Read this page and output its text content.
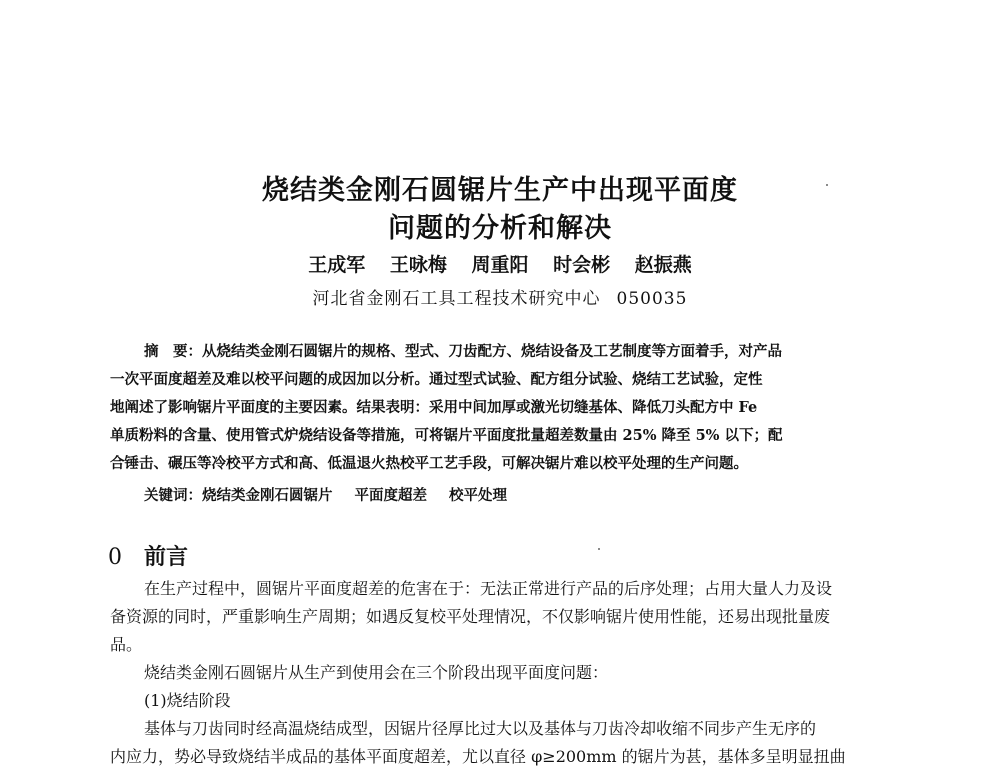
烧结类金刚石圆锯片生产中出现平面度
问题的分析和解决
王成军 王咏梅 周重阳 时会彬 赵振燕
河北省金刚石工具工程技术研究中心 050035
摘　要：从烧结类金刚石圆锯片的规格、型式、刀齿配方、烧结设备及工艺制度等方面着手，对产品
一次平面度超差及难以校平问题的成因加以分析。通过型式试验、配方组分试验、烧结工艺试验，定性
地阐述了影响锯片平面度的主要因素。结果表明：采用中间加厚或激光切缝基体、降低刀头配方中 Fe
单质粉料的含量、使用管式炉烧结设备等措施，可将锯片平面度批量超差数量由 25% 降至 5% 以下；配
合锤击、碾压等冷校平方式和高、低温退火热校平工艺手段，可解决锯片难以校平处理的生产问题。
关键词：烧结类金刚石圆锯片 平面度超差 校平处理
0 前言
在生产过程中，圆锯片平面度超差的危害在于：无法正常进行产品的后序处理；占用大量人力及设
备资源的同时，严重影响生产周期；如遇反复校平处理情况，不仅影响锯片使用性能，还易出现批量废
品。
烧结类金刚石圆锯片从生产到使用会在三个阶段出现平面度问题：
(1)烧结阶段
基体与刀齿同时经高温烧结成型，因锯片径厚比过大以及基体与刀齿冷却收缩不同步产生无序的
内应力，势必导致烧结半成品的基体平面度超差，尤以直径 φ≥200mm 的锯片为甚，基体多呈明显扭曲
